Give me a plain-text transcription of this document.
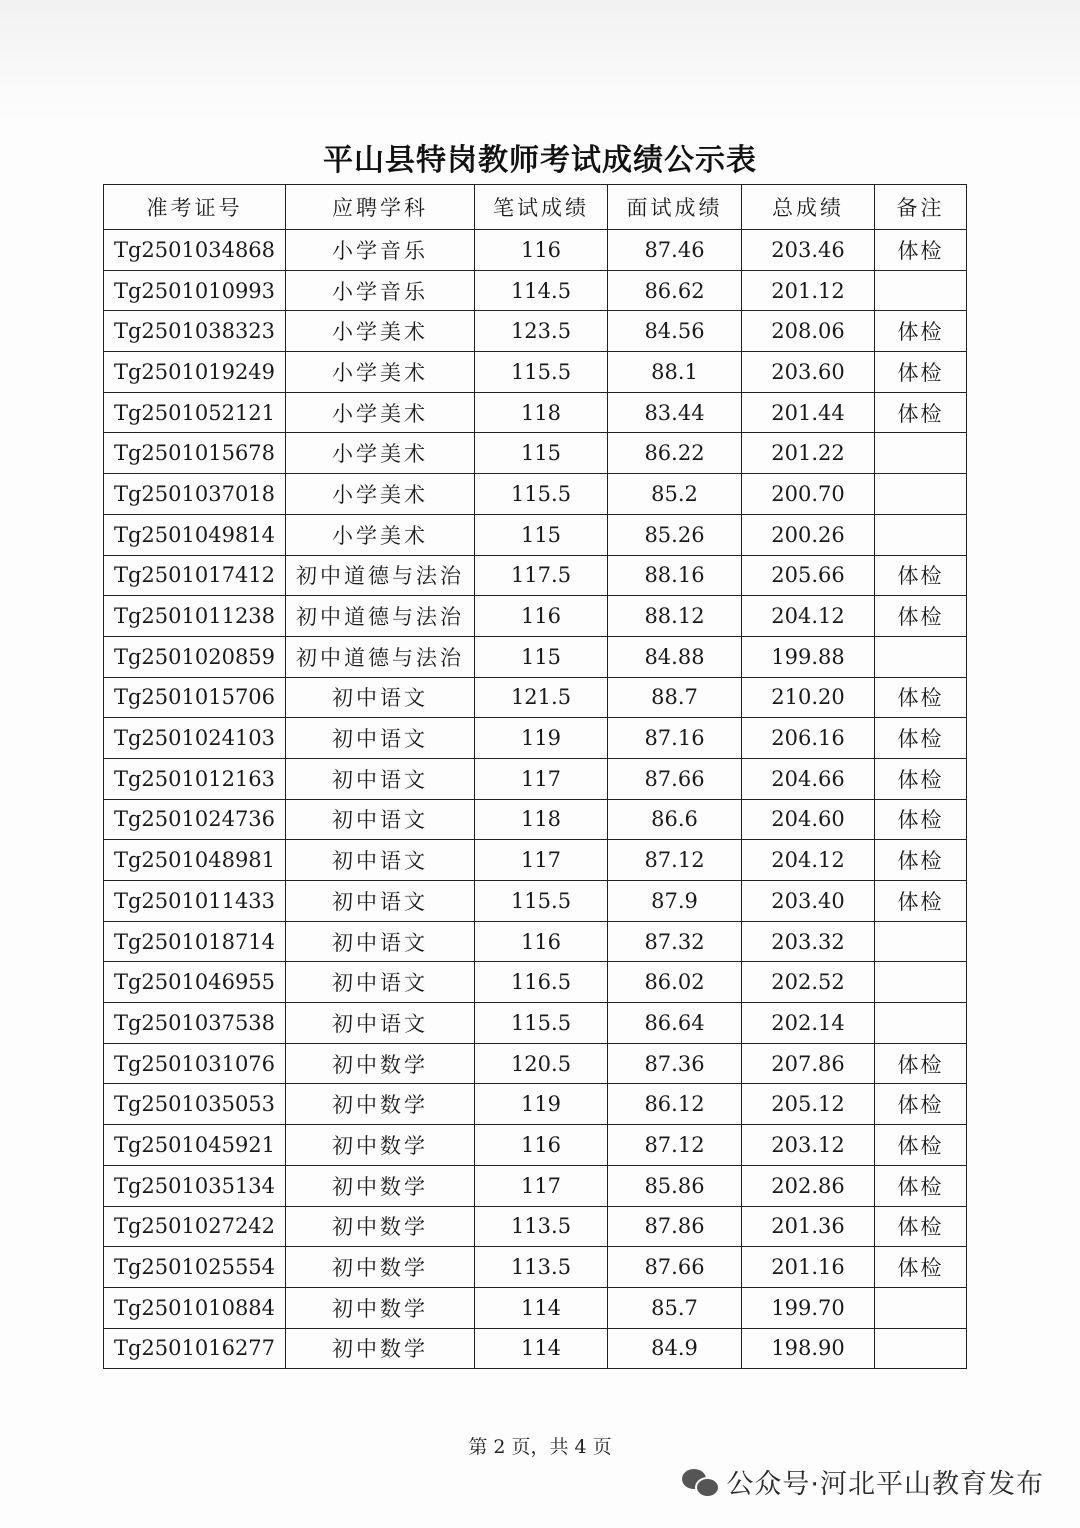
平山县特岗教师考试成绩公示表
准考证号	应聘学科	笔试成绩	面试成绩	总成绩	备注
Tg2501034868	小学音乐	116	87.46	203.46	体检
Tg2501010993	小学音乐	114.5	86.62	201.12	
Tg2501038323	小学美术	123.5	84.56	208.06	体检
Tg2501019249	小学美术	115.5	88.1	203.60	体检
Tg2501052121	小学美术	118	83.44	201.44	体检
Tg2501015678	小学美术	115	86.22	201.22	
Tg2501037018	小学美术	115.5	85.2	200.70	
Tg2501049814	小学美术	115	85.26	200.26	
Tg2501017412	初中道德与法治	117.5	88.16	205.66	体检
Tg2501011238	初中道德与法治	116	88.12	204.12	体检
Tg2501020859	初中道德与法治	115	84.88	199.88	
Tg2501015706	初中语文	121.5	88.7	210.20	体检
Tg2501024103	初中语文	119	87.16	206.16	体检
Tg2501012163	初中语文	117	87.66	204.66	体检
Tg2501024736	初中语文	118	86.6	204.60	体检
Tg2501048981	初中语文	117	87.12	204.12	体检
Tg2501011433	初中语文	115.5	87.9	203.40	体检
Tg2501018714	初中语文	116	87.32	203.32	
Tg2501046955	初中语文	116.5	86.02	202.52	
Tg2501037538	初中语文	115.5	86.64	202.14	
Tg2501031076	初中数学	120.5	87.36	207.86	体检
Tg2501035053	初中数学	119	86.12	205.12	体检
Tg2501045921	初中数学	116	87.12	203.12	体检
Tg2501035134	初中数学	117	85.86	202.86	体检
Tg2501027242	初中数学	113.5	87.86	201.36	体检
Tg2501025554	初中数学	113.5	87.66	201.16	体检
Tg2501010884	初中数学	114	85.7	199.70	
Tg2501016277	初中数学	114	84.9	198.90	
第 2 页，共 4 页
公众号·河北平山教育发布
